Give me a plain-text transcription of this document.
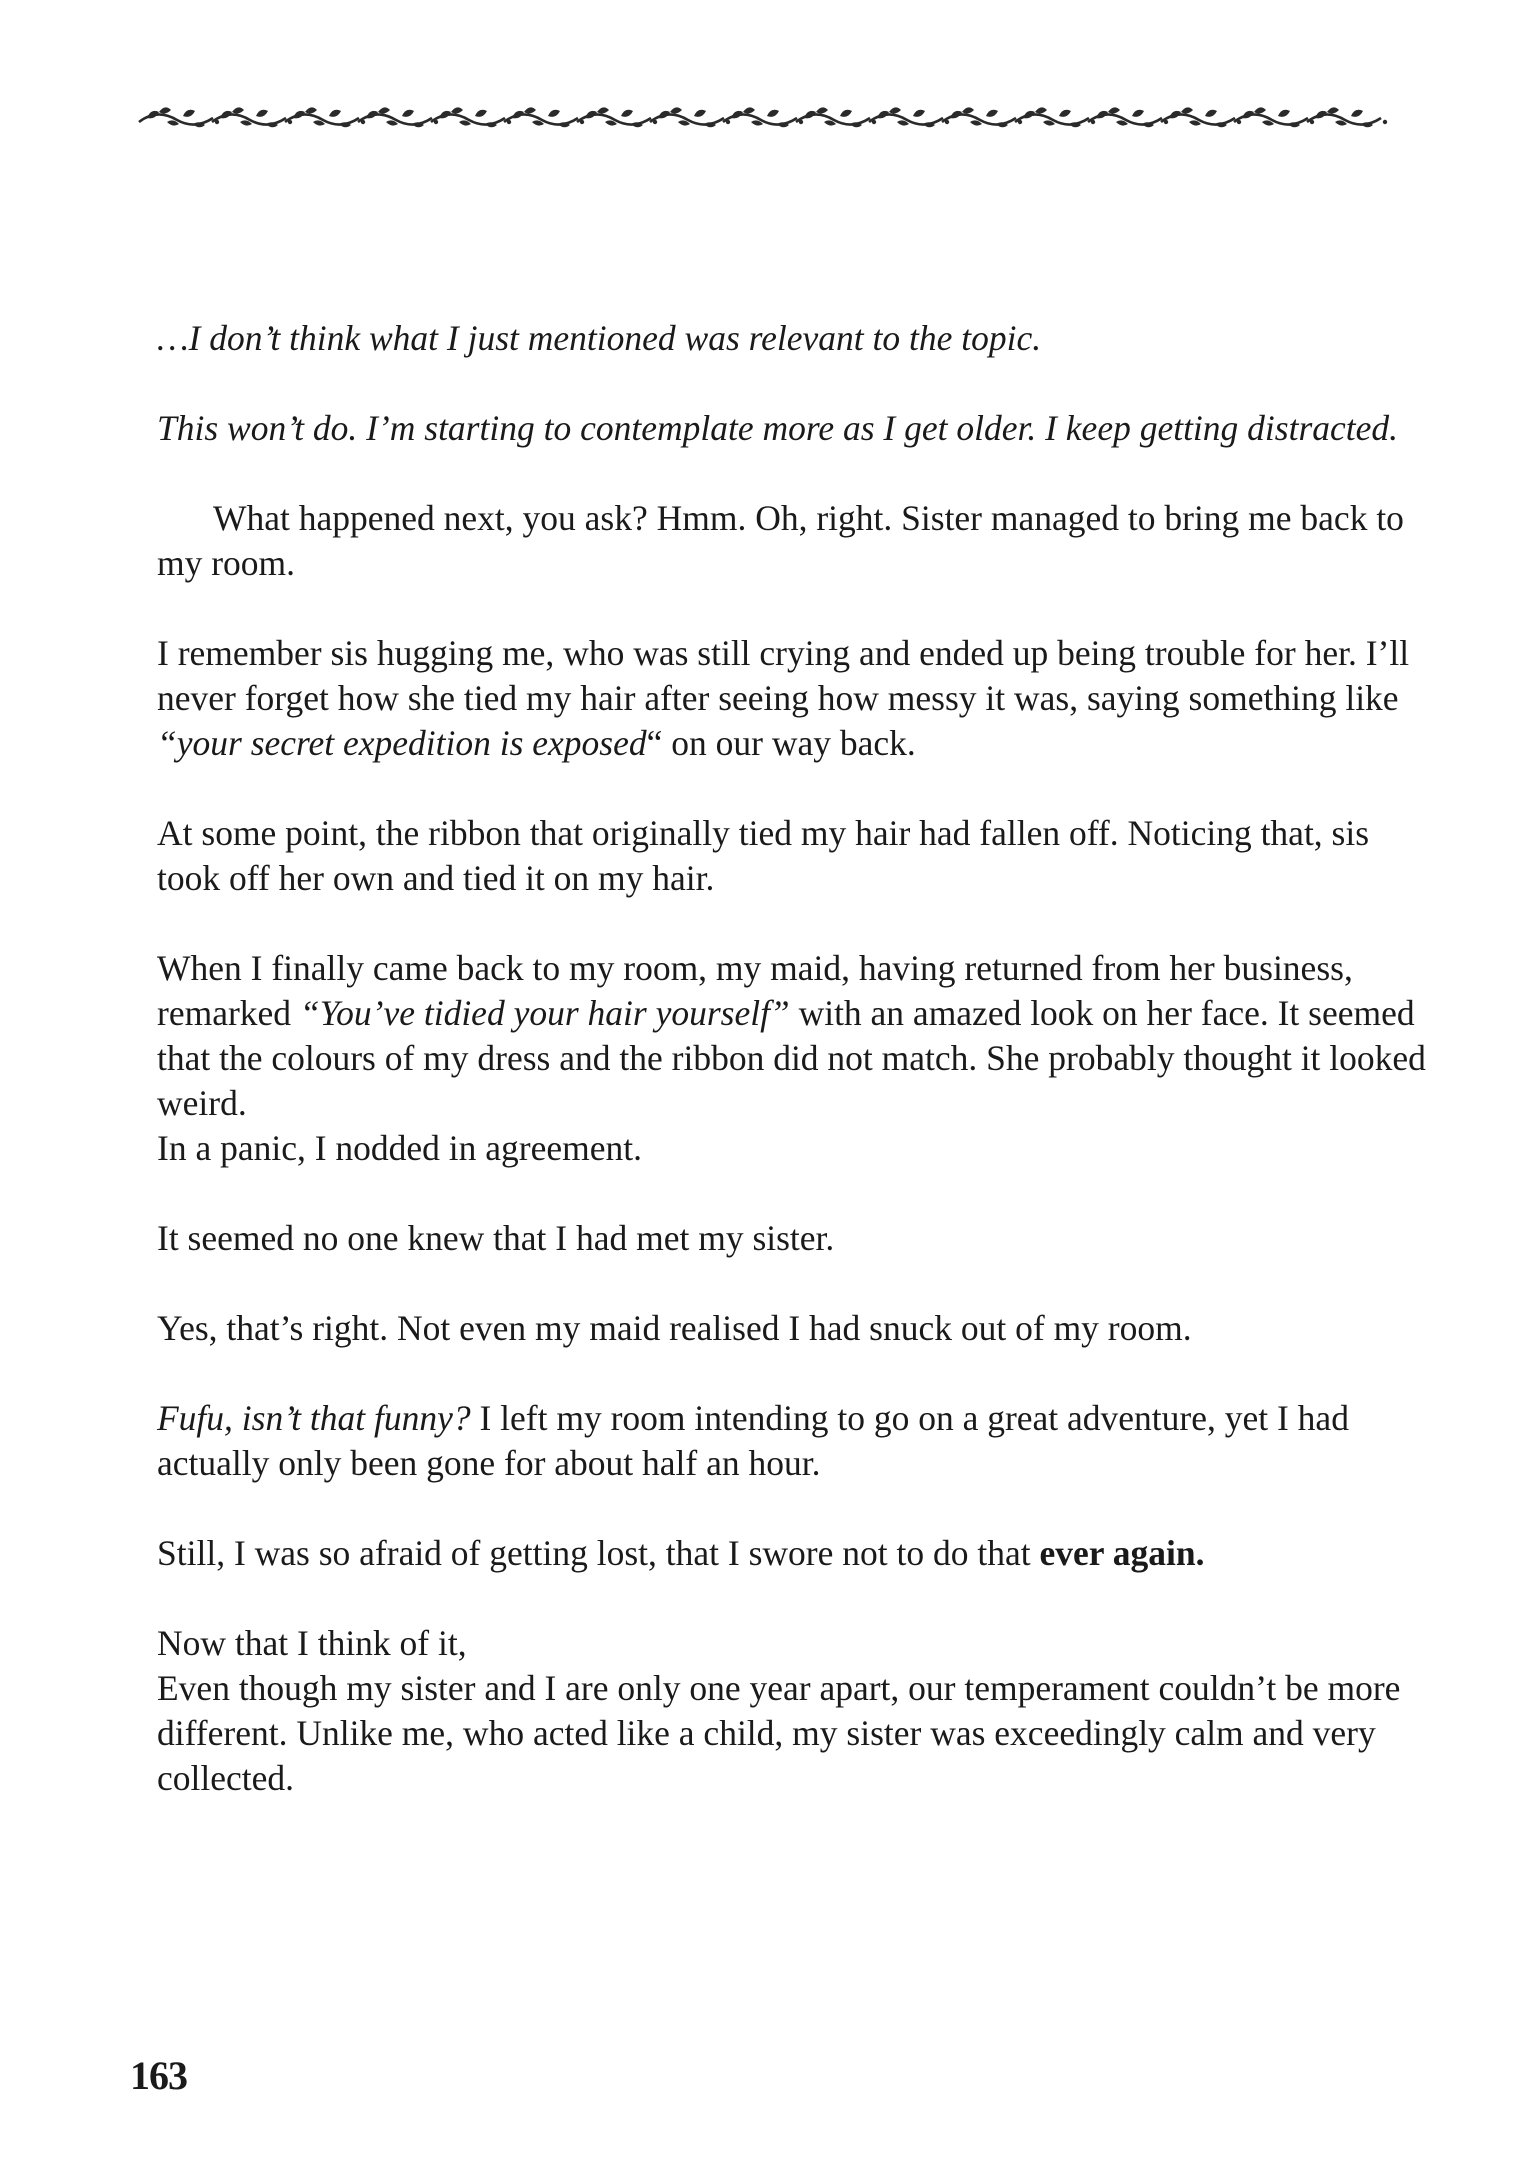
…I don’t think what I just mentioned was relevant to the topic.

This won’t do. I’m starting to contemplate more as I get older. I keep getting distracted.

What happened next, you ask? Hmm. Oh, right. Sister managed to bring me back to my room.

I remember sis hugging me, who was still crying and ended up being trouble for her. I’ll never forget how she tied my hair after seeing how messy it was, saying something like “your secret expedition is exposed“ on our way back.

At some point, the ribbon that originally tied my hair had fallen off. Noticing that, sis took off her own and tied it on my hair.

When I finally came back to my room, my maid, having returned from her business, remarked “You’ve tidied your hair yourself” with an amazed look on her face. It seemed that the colours of my dress and the ribbon did not match. She probably thought it looked weird.

In a panic, I nodded in agreement.

It seemed no one knew that I had met my sister.

Yes, that’s right. Not even my maid realised I had snuck out of my room.

Fufu, isn’t that funny? I left my room intending to go on a great adventure, yet I had actually only been gone for about half an hour.

Still, I was so afraid of getting lost, that I swore not to do that ever again.

Now that I think of it,

Even though my sister and I are only one year apart, our temperament couldn’t be more different. Unlike me, who acted like a child, my sister was exceedingly calm and very collected.

163
